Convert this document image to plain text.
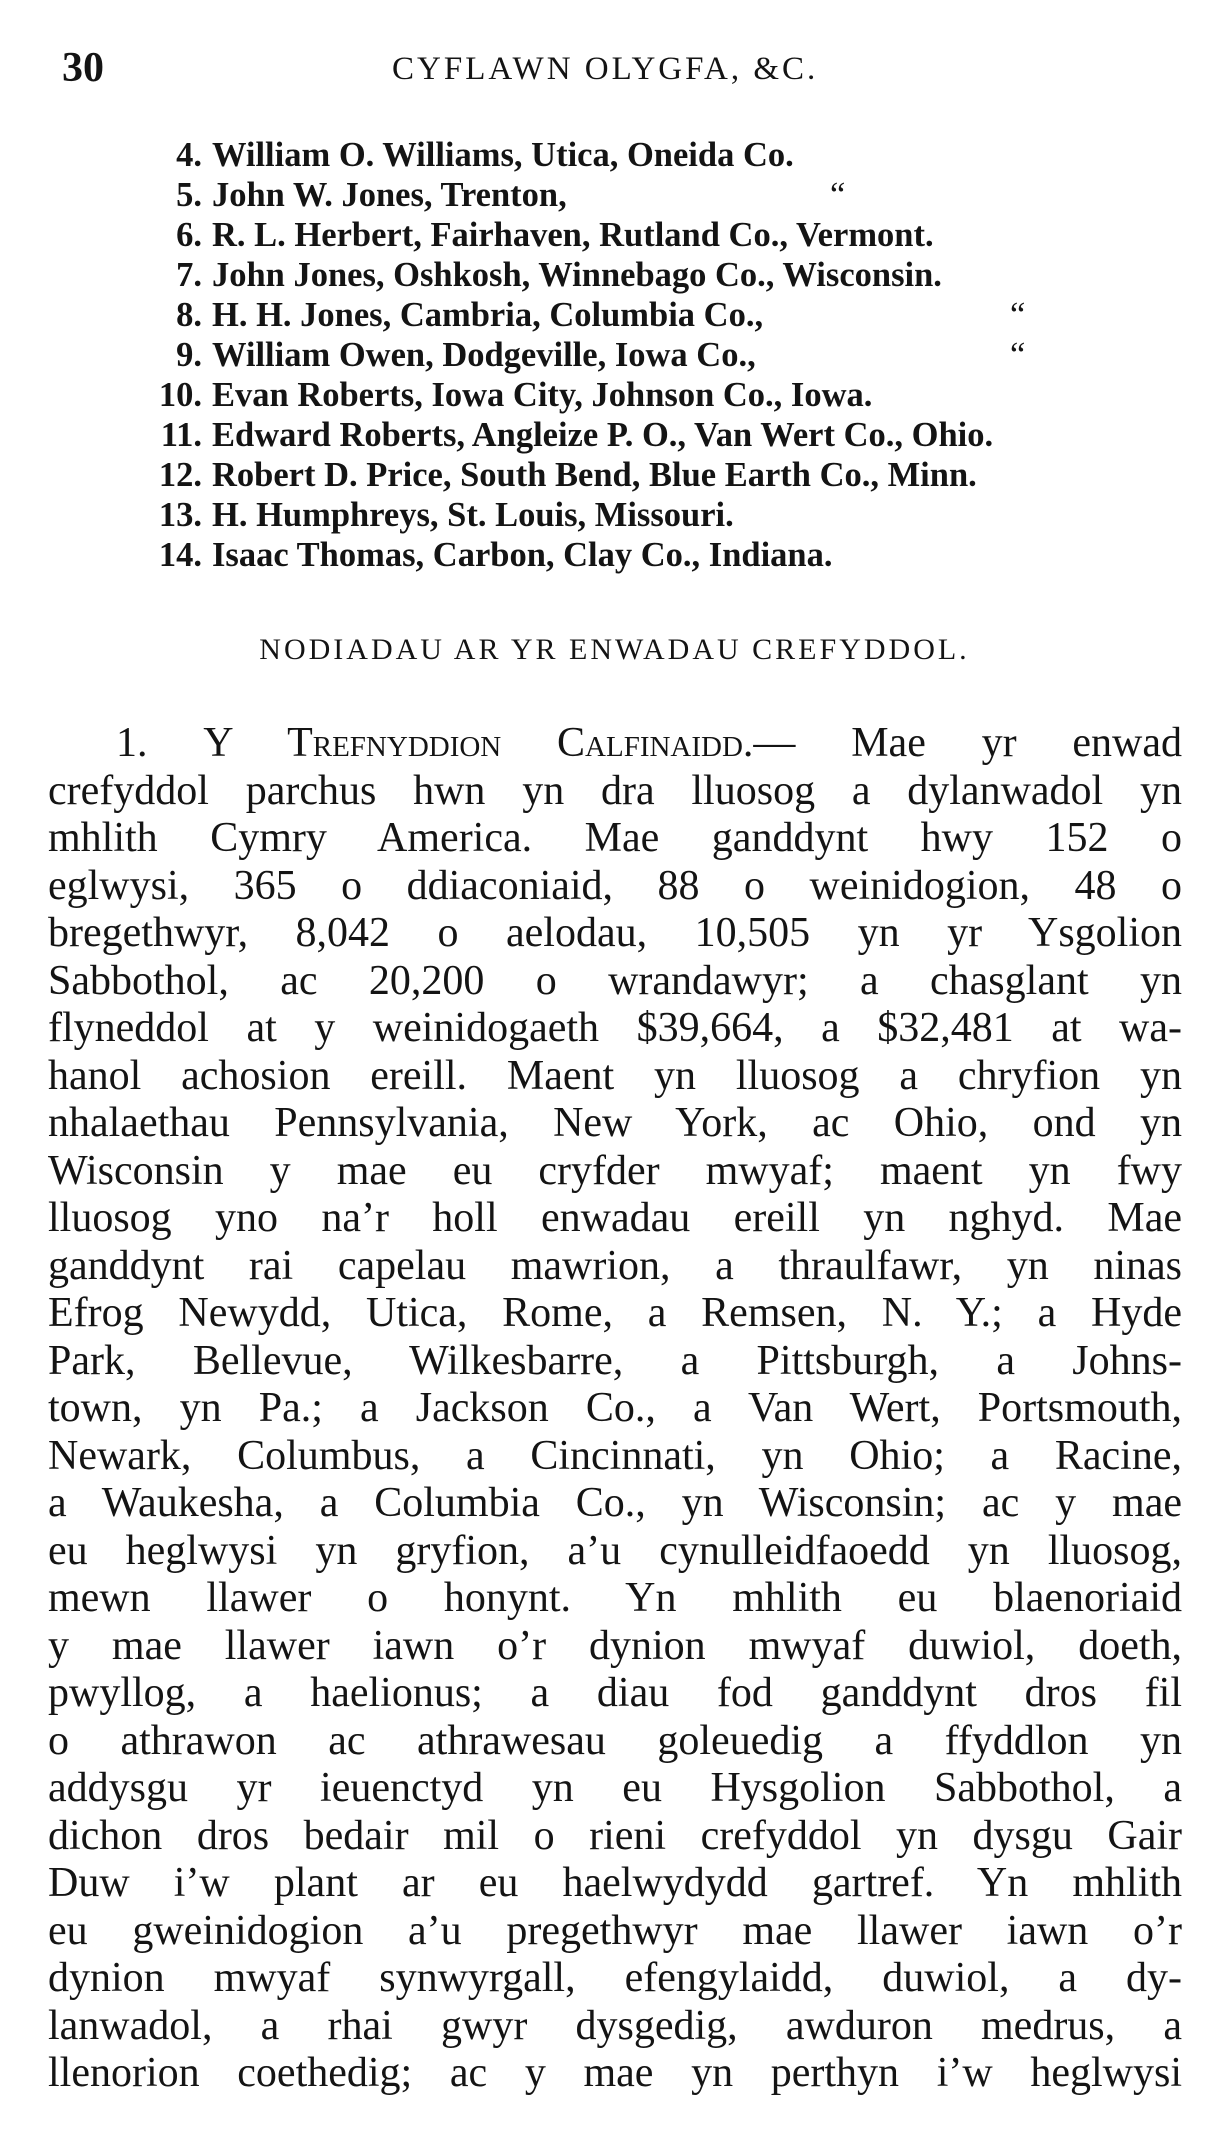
30	CYFLAWN OLYGFA, &C.
4. William O. Williams, Utica, Oneida Co.
5. John W. Jones, Trenton,	“
6. R. L. Herbert, Fairhaven, Rutland Co., Vermont.
7. John Jones, Oshkosh, Winnebago Co., Wisconsin.
8. H. H. Jones, Cambria, Columbia Co.,	“
9. William Owen, Dodgeville, Iowa Co.,	“
10. Evan Roberts, Iowa City, Johnson Co., Iowa.
11. Edward Roberts, Angleize P. O., Van Wert Co., Ohio.
12. Robert D. Price, South Bend, Blue Earth Co., Minn.
13. H. Humphreys, St. Louis, Missouri.
14. Isaac Thomas, Carbon, Clay Co., Indiana.
NODIADAU AR YR ENWADAU CREFYDDOL.
1. Y Trefnyddion Calfinaidd.— Mae yr enwad
crefyddol parchus hwn yn dra lluosog a dylanwadol yn
mhlith Cymry America. Mae ganddynt hwy 152 o
eglwysi, 365 o ddiaconiaid, 88 o weinidogion, 48 o
bregethwyr, 8,042 o aelodau, 10,505 yn yr Ysgolion
Sabbothol, ac 20,200 o wrandawyr; a chasglant yn
flyneddol at y weinidogaeth $39,664, a $32,481 at wa-
hanol achosion ereill. Maent yn lluosog a chryfion yn
nhalaethau Pennsylvania, New York, ac Ohio, ond yn
Wisconsin y mae eu cryfder mwyaf; maent yn fwy
lluosog yno na’r holl enwadau ereill yn nghyd. Mae
ganddynt rai capelau mawrion, a thraulfawr, yn ninas
Efrog Newydd, Utica, Rome, a Remsen, N. Y.; a Hyde
Park, Bellevue, Wilkesbarre, a Pittsburgh, a Johns-
town, yn Pa.; a Jackson Co., a Van Wert, Portsmouth,
Newark, Columbus, a Cincinnati, yn Ohio; a Racine,
a Waukesha, a Columbia Co., yn Wisconsin; ac y mae
eu heglwysi yn gryfion, a’u cynulleidfaoedd yn lluosog,
mewn llawer o honynt. Yn mhlith eu blaenoriaid
y mae llawer iawn o’r dynion mwyaf duwiol, doeth,
pwyllog, a haelionus; a diau fod ganddynt dros fil
o athrawon ac athrawesau goleuedig a ffyddlon yn
addysgu yr ieuenctyd yn eu Hysgolion Sabbothol, a
dichon dros bedair mil o rieni crefyddol yn dysgu Gair
Duw i’w plant ar eu haelwydydd gartref. Yn mhlith
eu gweinidogion a’u pregethwyr mae llawer iawn o’r
dynion mwyaf synwyrgall, efengylaidd, duwiol, a dy-
lanwadol, a rhai gwyr dysgedig, awduron medrus, a
llenorion coethedig; ac y mae yn perthyn i’w heglwysi
